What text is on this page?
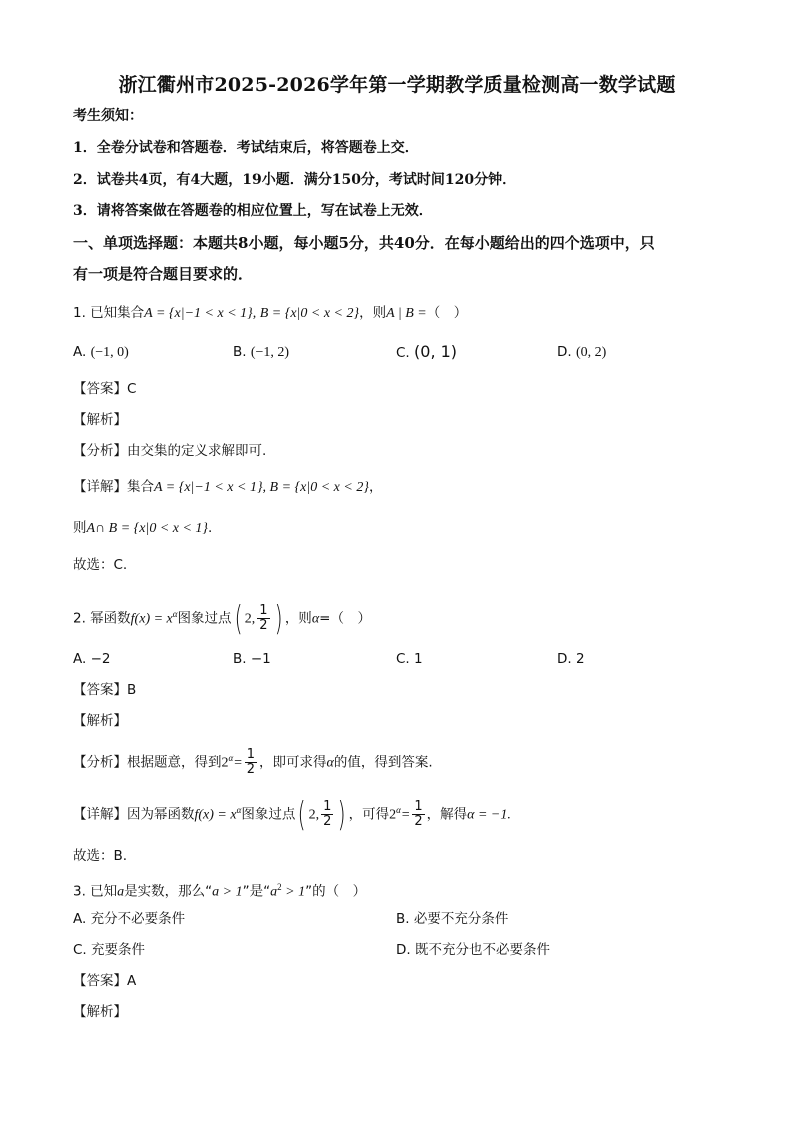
浙江衢州市2025-2026学年第一学期教学质量检测高一数学试题
考生须知：
1．全卷分试卷和答题卷．考试结束后，将答题卷上交．
2．试卷共4页，有4大题，19小题．满分150分，考试时间120分钟．
3．请将答案做在答题卷的相应位置上，写在试卷上无效．
一、单项选择题：本题共8小题，每小题5分，共40分．在每小题给出的四个选项中，只
有一项是符合题目要求的．
1. 已知集合A = {x|−1 < x < 1}, B = {x|0 < x < 2}，则A | B =（　）
A. (−1, 0)	B. (−1, 2)	C. (0, 1)	D. (0, 2)
【答案】C
【解析】
【分析】由交集的定义求解即可.
【详解】集合A = {x|−1 < x < 1}, B = {x|0 < x < 2}，
则A∩ B = {x|0 < x < 1}.
故选：C.
2. 幂函数$f(x) = x^\alpha$图象过点( 2, $\frac{1}{2}$ ) ，则α=（　）
A. −2	B. −1	C. 1	D. 2
【答案】B
【解析】
【分析】根据题意，得到$2^\alpha= \frac{1}{2}$ ，即可求得α的值，得到答案.
【详解】因为幂函数$f(x) = x^\alpha$图象过点( 2, $\frac{1}{2}$ ) ，可得$2^\alpha= \frac{1}{2}$ ，解得α = −1.
故选：B.
3. 已知a是实数，那么“a > 1”是“$a^2 > 1$”的（　）
A. 充分不必要条件	B. 必要不充分条件
C. 充要条件	D. 既不充分也不必要条件
【答案】A
【解析】
